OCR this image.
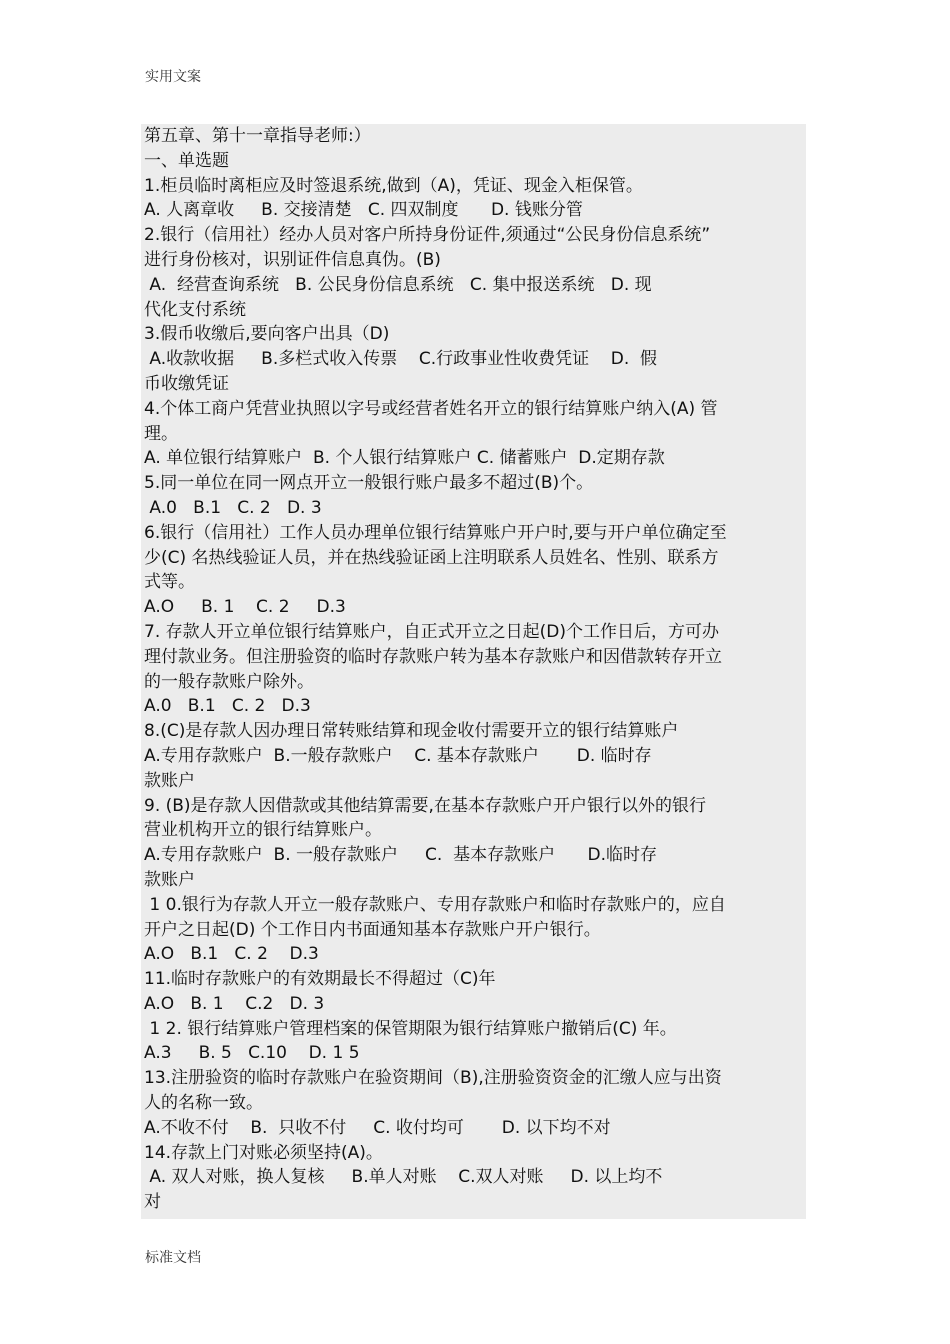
实用文案
第五章、第十一章指导老师:）
一、单选题
1.柜员临时离柜应及时签退系统,做到（A)，凭证、现金入柜保管。
A. 人离章收     B. 交接清楚   C. 四双制度      D. 钱账分管
2.银行（信用社）经办人员对客户所持身份证件,须通过“公民身份信息系统”
进行身份核对，识别证件信息真伪。(B)
A.  经营查询系统   B. 公民身份信息系统   C. 集中报送系统   D. 现
代化支付系统
3.假币收缴后,要向客户出具（D)
A.收款收据     B.多栏式收入传票    C.行政事业性收费凭证    D.  假
币收缴凭证
4.个体工商户凭营业执照以字号或经营者姓名开立的银行结算账户纳入(A) 管
理。
A. 单位银行结算账户  B. 个人银行结算账户 C. 储蓄账户  D.定期存款
5.同一单位在同一网点开立一般银行账户最多不超过(B)个。
A.0   B.1   C. 2   D. 3
6.银行（信用社）工作人员办理单位银行结算账户开户时,要与开户单位确定至
少(C) 名热线验证人员，并在热线验证函上注明联系人员姓名、性别、联系方
式等。
A.O     B. 1    C. 2     D.3
7. 存款人开立单位银行结算账户，自正式开立之日起(D)个工作日后，方可办
理付款业务。但注册验资的临时存款账户转为基本存款账户和因借款转存开立
的一般存款账户除外。
A.0   B.1   C. 2   D.3
8.(C)是存款人因办理日常转账结算和现金收付需要开立的银行结算账户
A.专用存款账户  B.一般存款账户    C. 基本存款账户       D. 临时存
款账户
9. (B)是存款人因借款或其他结算需要,在基本存款账户开户银行以外的银行
营业机构开立的银行结算账户。
A.专用存款账户  B. 一般存款账户     C.  基本存款账户      D.临时存
款账户
1 0.银行为存款人开立一般存款账户、专用存款账户和临时存款账户的，应自
开户之日起(D) 个工作日内书面通知基本存款账户开户银行。
A.O   B.1   C. 2    D.3
11.临时存款账户的有效期最长不得超过（C)年
A.O   B. 1    C.2   D. 3
1 2. 银行结算账户管理档案的保管期限为银行结算账户撤销后(C) 年。
A.3     B. 5   C.10    D. 1 5
13.注册验资的临时存款账户在验资期间（B),注册验资资金的汇缴人应与出资
人的名称一致。
A.不收不付    B.  只收不付     C. 收付均可       D. 以下均不对
14.存款上门对账必须坚持(A)。
A. 双人对账，换人复核     B.单人对账    C.双人对账     D. 以上均不
对
标准文档
